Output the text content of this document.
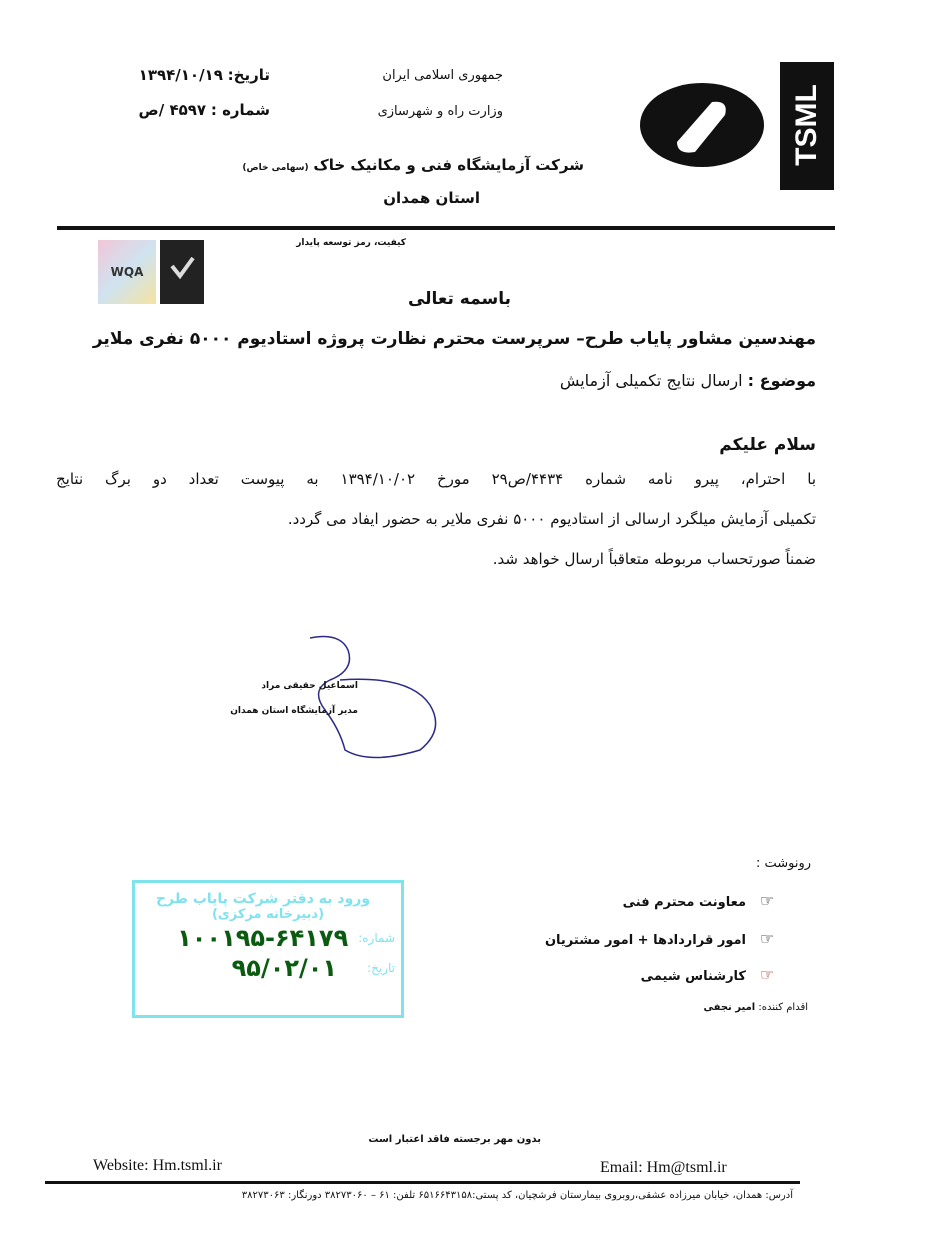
TSML
جمهوری اسلامی ایران
وزارت راه و شهرسازی
شرکت آزمایشگاه فنی و مکانیک خاک (سهامی خاص)
استان همدان
تاریخ: ۱۳۹۴/۱۰/۱۹
شماره : ۴۵۹۷ /ص
کیفیت، رمز توسعه پایدار
WQA
باسمه تعالی
مهندسین مشاور پایاب طرح– سرپرست محترم نظارت پروژه استادیوم ۵۰۰۰ نفری ملایر
موضوع : ارسال نتایج تکمیلی آزمایش
سلام علیکم
با احترام، پیرو نامه شماره ۴۴۳۴/ص۲۹ مورخ ۱۳۹۴/۱۰/۰۲ به پیوست تعداد دو برگ نتایج
تکمیلی آزمایش میلگرد ارسالی از استادیوم ۵۰۰۰ نفری ملایر به حضور ایفاد می گردد.
ضمناً صورتحساب مربوطه متعاقباً ارسال خواهد شد.
اسماعیل حقیقی مراد
مدیر آزمایشگاه استان همدان
رونوشت :
☞معاونت محترم فنی
☞امور قراردادها + امور مشتریان
☞کارشناس شیمی
اقدام کننده: امیر نجفی
ورود به دفتر شرکت پایاب طرح
(دبیرخانه مرکزی)
شماره:
۱۰۰۱۹۵-۶۴۱۷۹
تاریخ:
۹۵/۰۲/۰۱
بدون مهر برجسته فاقد اعتبار است
Website: Hm.tsml.ir	Email: Hm@tsml.ir
آدرس: همدان، خیابان میرزاده عشقی،روبروی بیمارستان فرشچیان، کد پستی:۶۵۱۶۶۴۳۱۵۸ تلفن: ۶۱ – ۳۸۲۷۳۰۶۰ دورنگار: ۳۸۲۷۳۰۶۳
